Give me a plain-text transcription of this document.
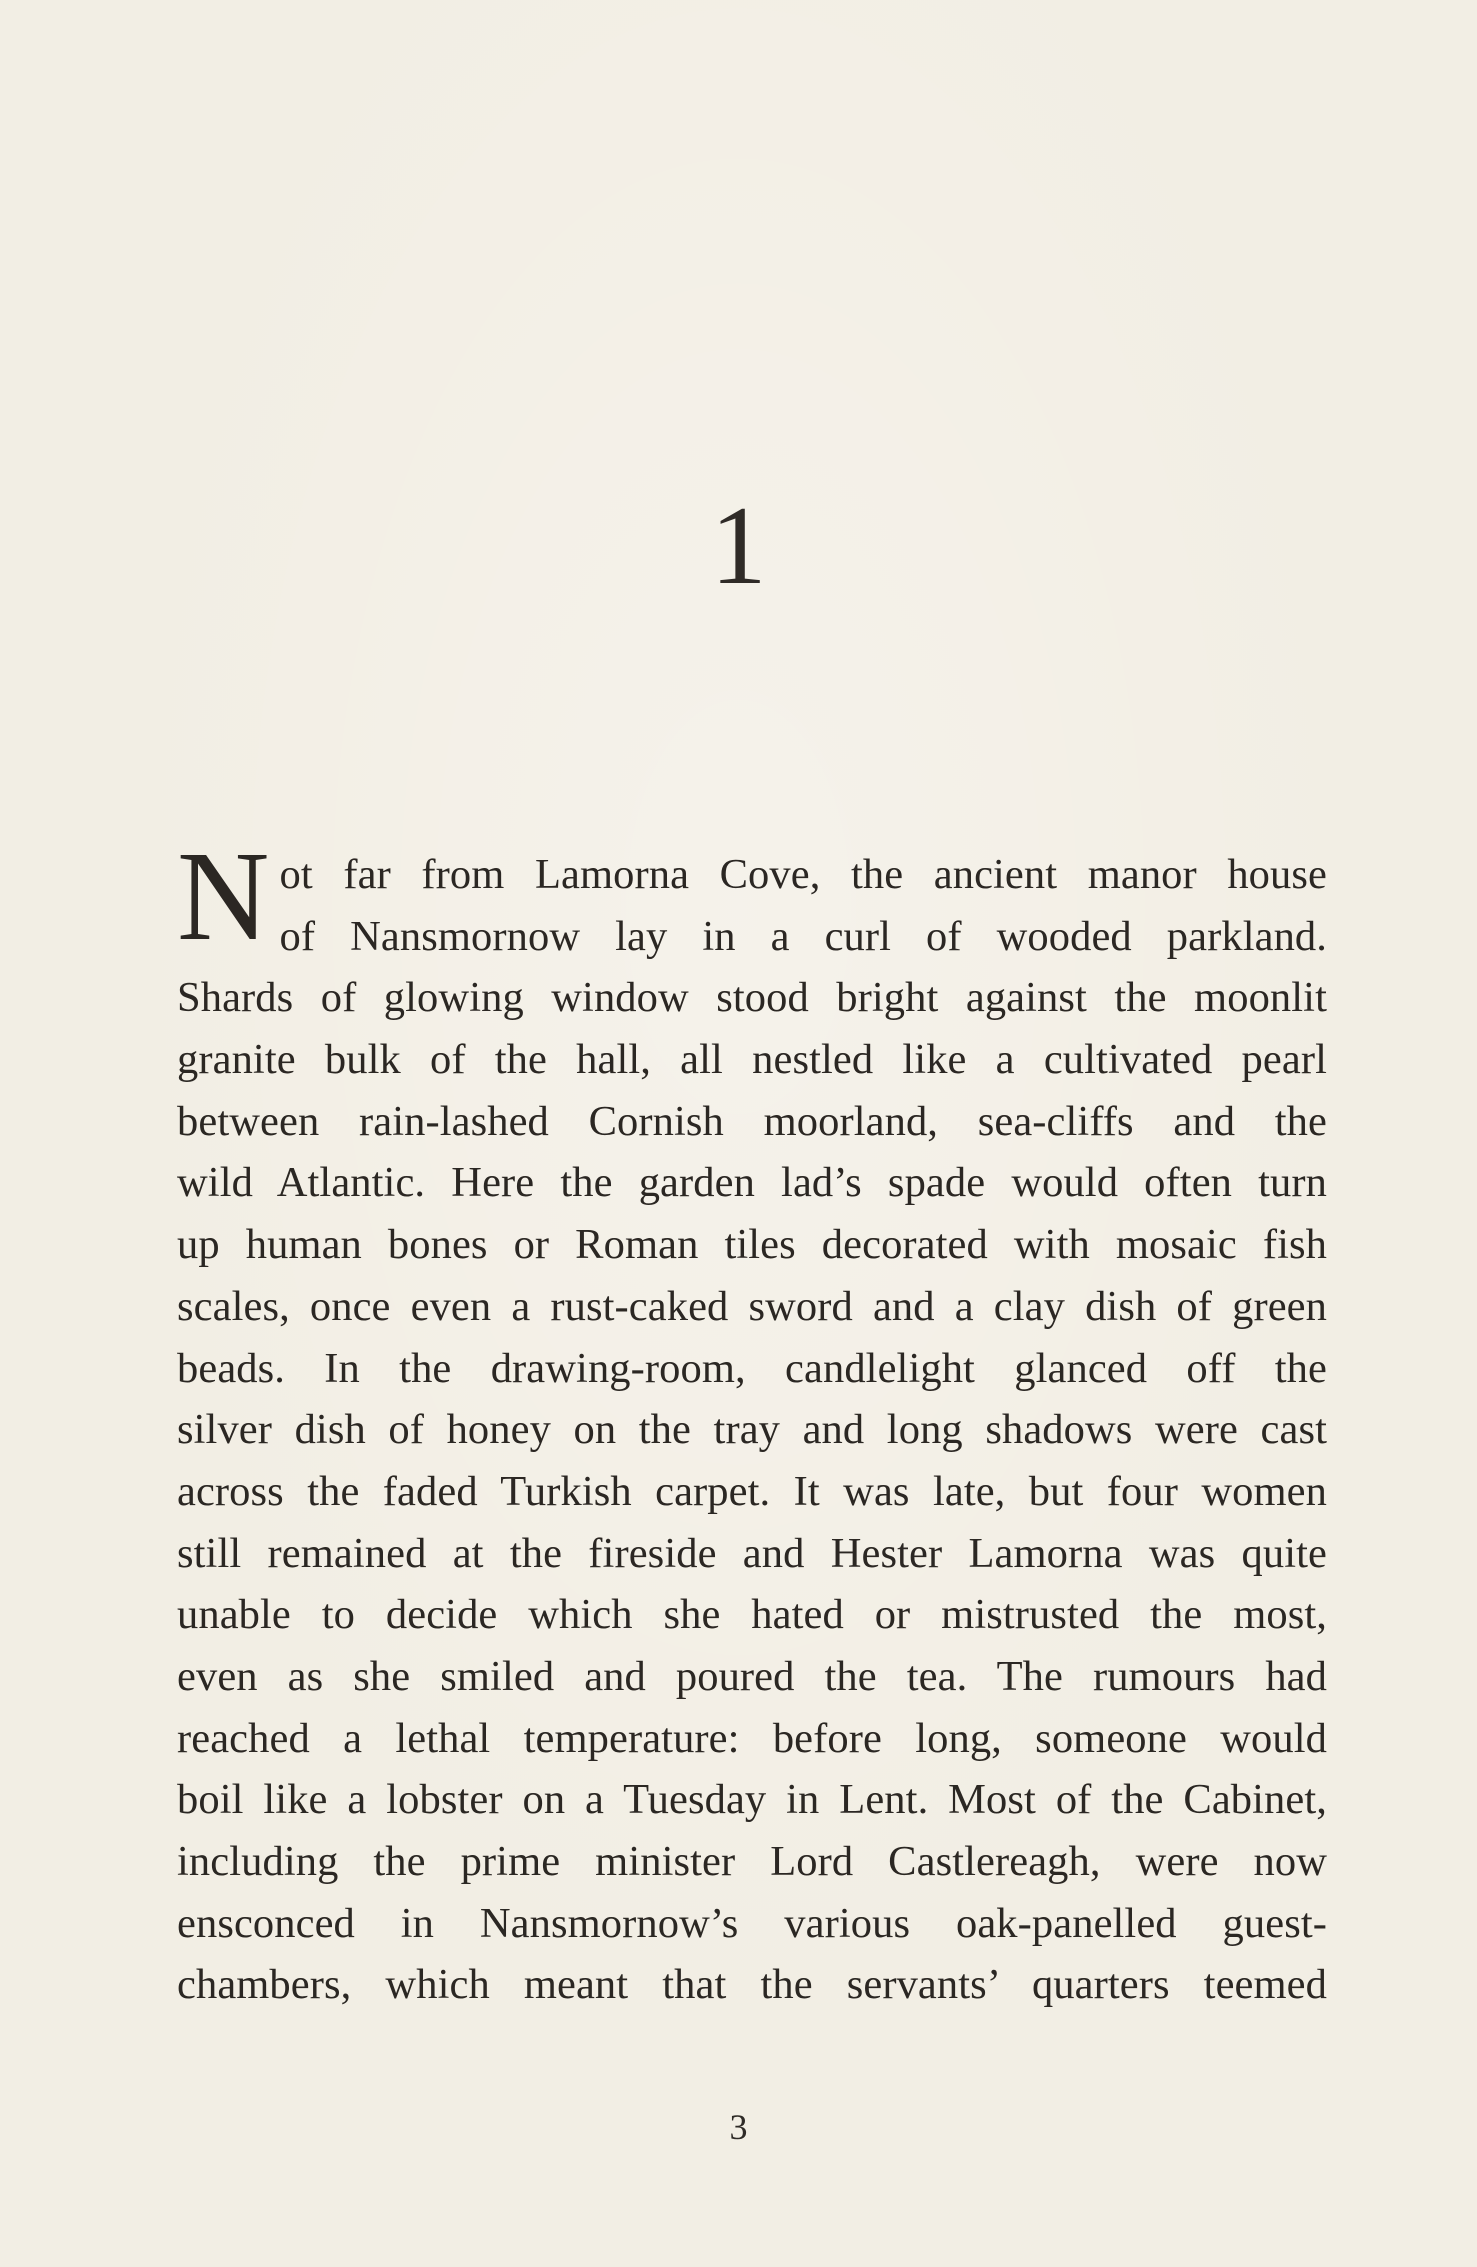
1
N ot far from Lamorna Cove, the ancient manor house
of Nansmornow lay in a curl of wooded parkland.
Shards of glowing window stood bright against the moonlit
granite bulk of the hall, all nestled like a cultivated pearl
between rain-lashed Cornish moorland, sea-cliffs and the
wild Atlantic. Here the garden lad’s spade would often turn
up human bones or Roman tiles decorated with mosaic fish
scales, once even a rust-caked sword and a clay dish of green
beads. In the drawing-room, candlelight glanced off the
silver dish of honey on the tray and long shadows were cast
across the faded Turkish carpet. It was late, but four women
still remained at the fireside and Hester Lamorna was quite
unable to decide which she hated or mistrusted the most,
even as she smiled and poured the tea. The rumours had
reached a lethal temperature: before long, someone would
boil like a lobster on a Tuesday in Lent. Most of the Cabinet,
including the prime minister Lord Castlereagh, were now
ensconced in Nansmornow’s various oak-panelled guest-
chambers, which meant that the servants’ quarters teemed
3
